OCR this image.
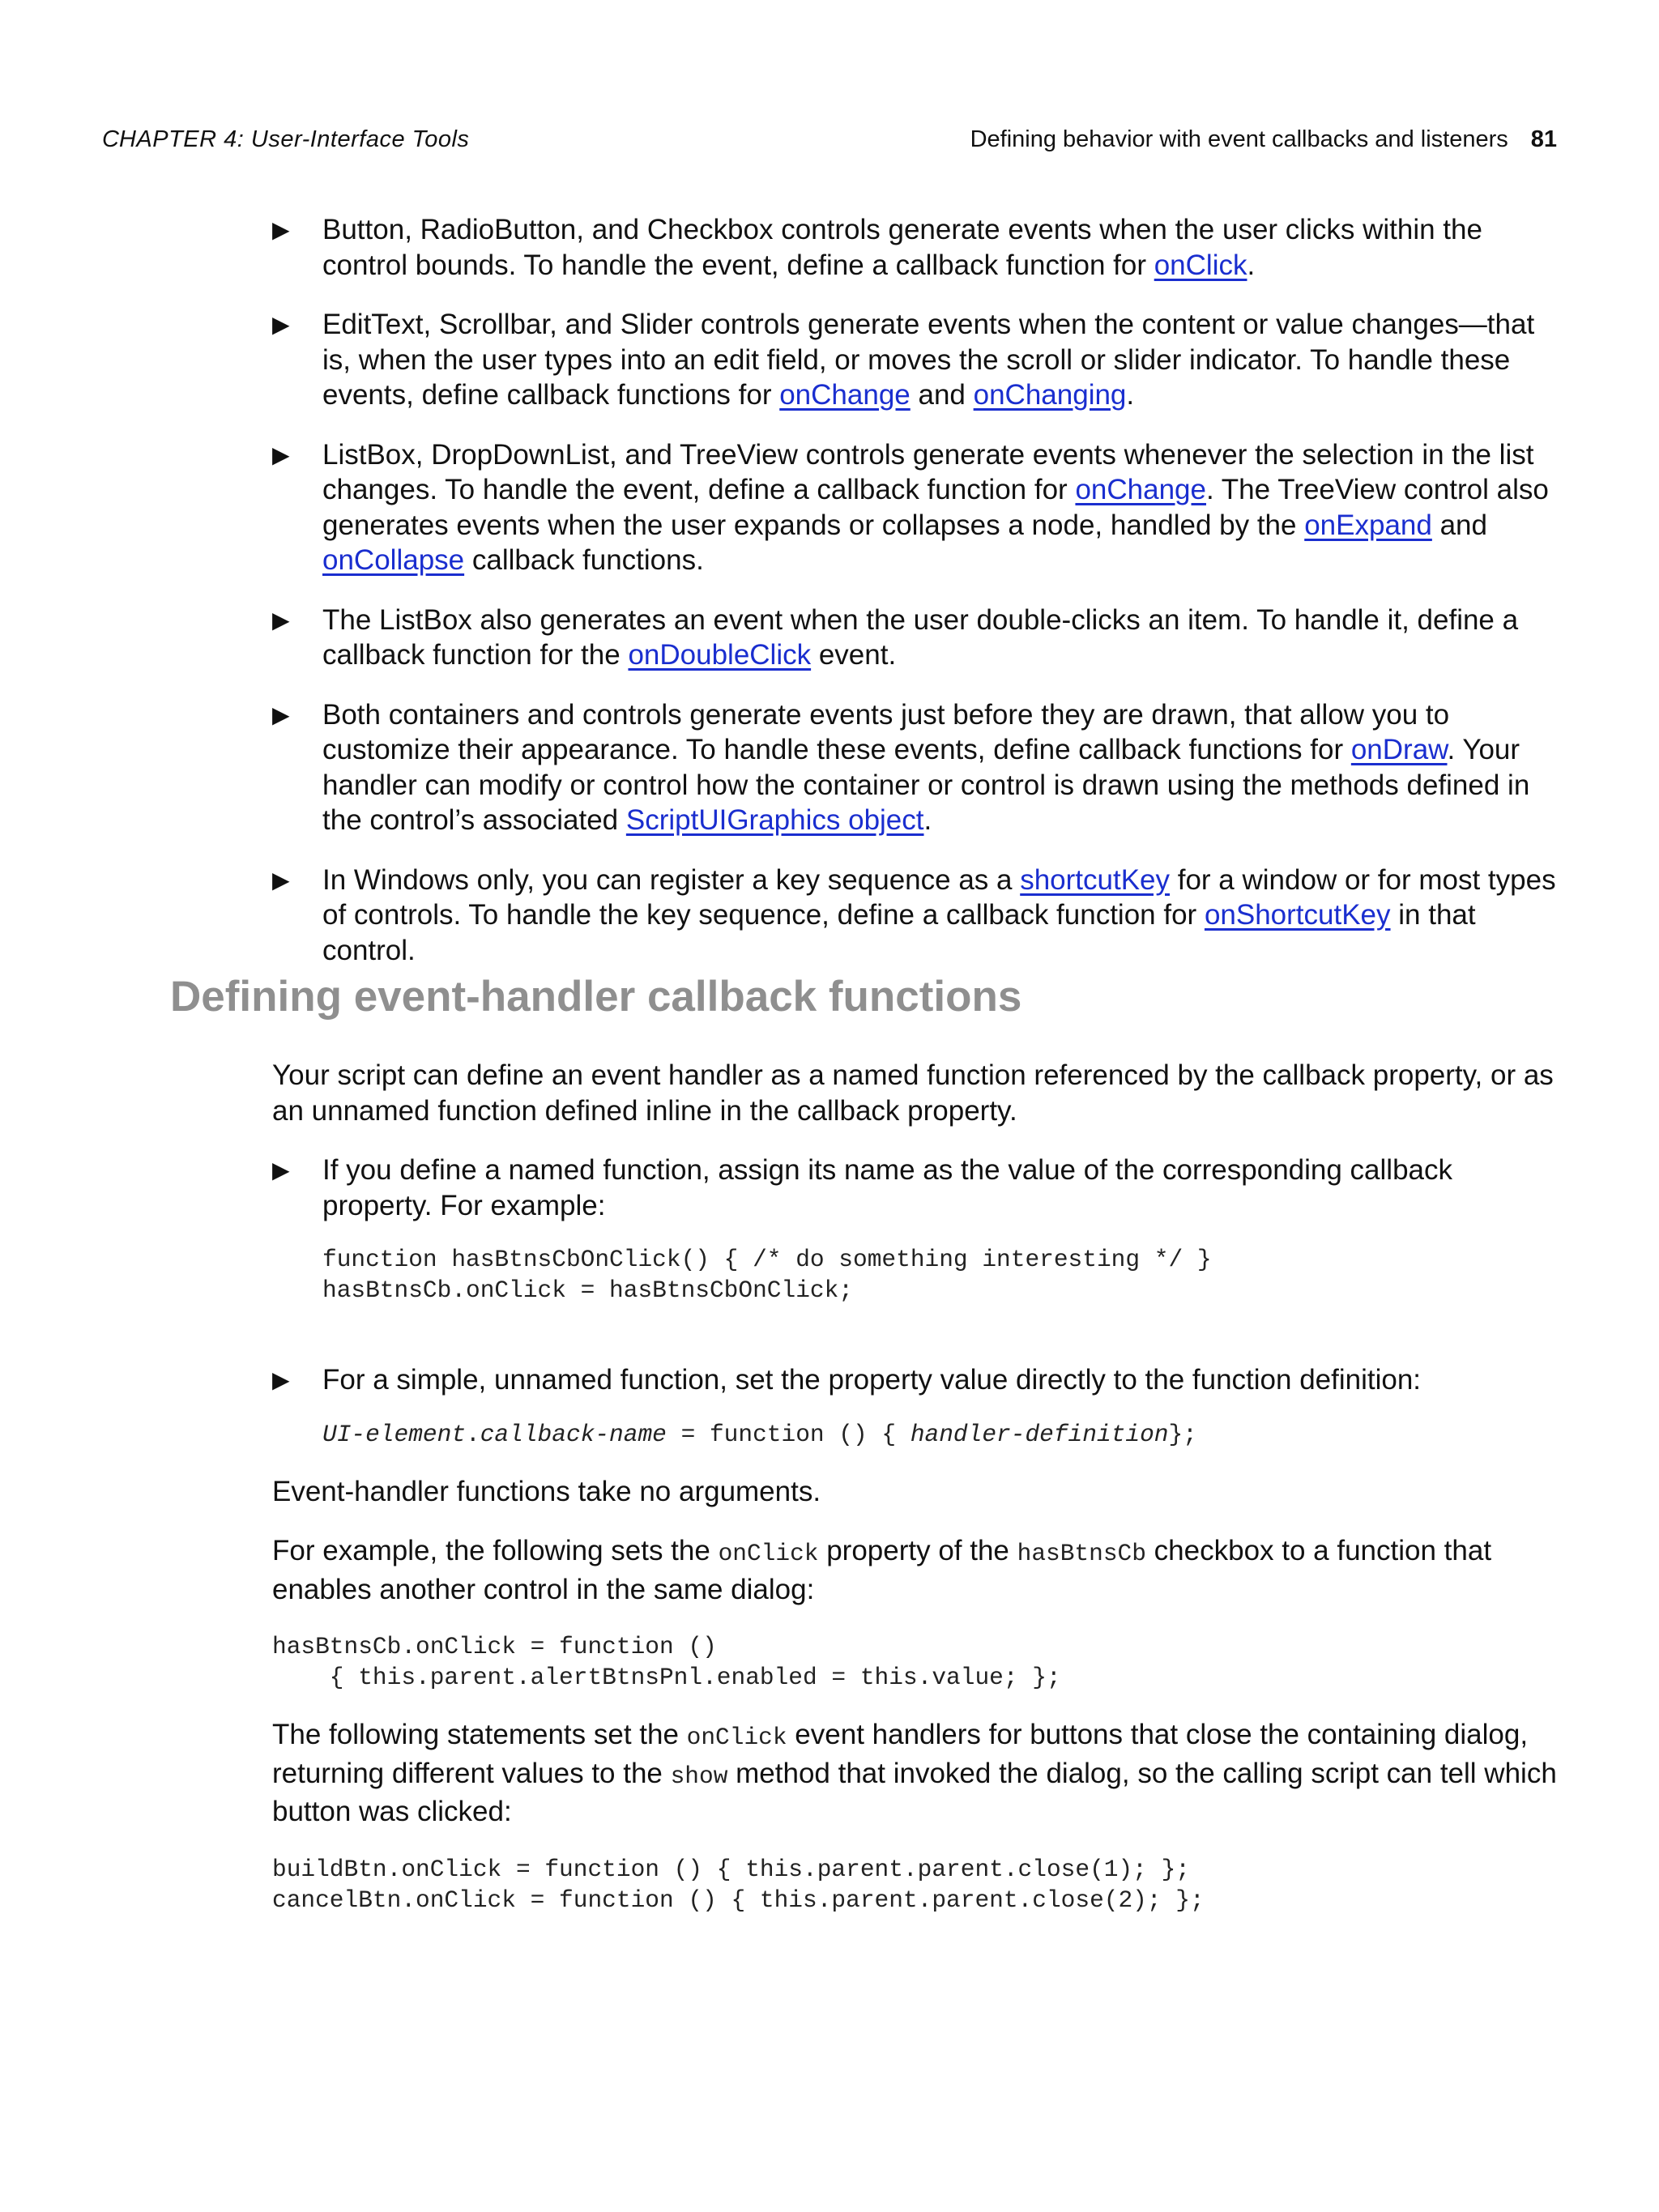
CHAPTER 4: User-Interface Tools	Defining behavior with event callbacks and listeners 81
▶ Button, RadioButton, and Checkbox controls generate events when the user clicks within the control bounds. To handle the event, define a callback function for onClick.
▶ EditText, Scrollbar, and Slider controls generate events when the content or value changes—that is, when the user types into an edit field, or moves the scroll or slider indicator. To handle these events, define callback functions for onChange and onChanging.
▶ ListBox, DropDownList, and TreeView controls generate events whenever the selection in the list changes. To handle the event, define a callback function for onChange. The TreeView control also generates events when the user expands or collapses a node, handled by the onExpand and onCollapse callback functions.
▶ The ListBox also generates an event when the user double-clicks an item. To handle it, define a callback function for the onDoubleClick event.
▶ Both containers and controls generate events just before they are drawn, that allow you to customize their appearance. To handle these events, define callback functions for onDraw. Your handler can modify or control how the container or control is drawn using the methods defined in the control’s associated ScriptUIGraphics object.
▶ In Windows only, you can register a key sequence as a shortcutKey for a window or for most types of controls. To handle the key sequence, define a callback function for onShortcutKey in that control.
Defining event-handler callback functions

Your script can define an event handler as a named function referenced by the callback property, or as an unnamed function defined inline in the callback property.

▶ If you define a named function, assign its name as the value of the corresponding callback property. For example:
function hasBtnsCbOnClick() { /* do something interesting */ }
hasBtnsCb.onClick = hasBtnsCbOnClick;
▶ For a simple, unnamed function, set the property value directly to the function definition:
UI-element.callback-name = function () { handler-definition};

Event-handler functions take no arguments.

For example, the following sets the onClick property of the hasBtnsCb checkbox to a function that enables another control in the same dialog:

hasBtnsCb.onClick = function ()
{ this.parent.alertBtnsPnl.enabled = this.value; };

The following statements set the onClick event handlers for buttons that close the containing dialog, returning different values to the show method that invoked the dialog, so the calling script can tell which button was clicked:

buildBtn.onClick = function () { this.parent.parent.close(1); };
cancelBtn.onClick = function () { this.parent.parent.close(2); };
